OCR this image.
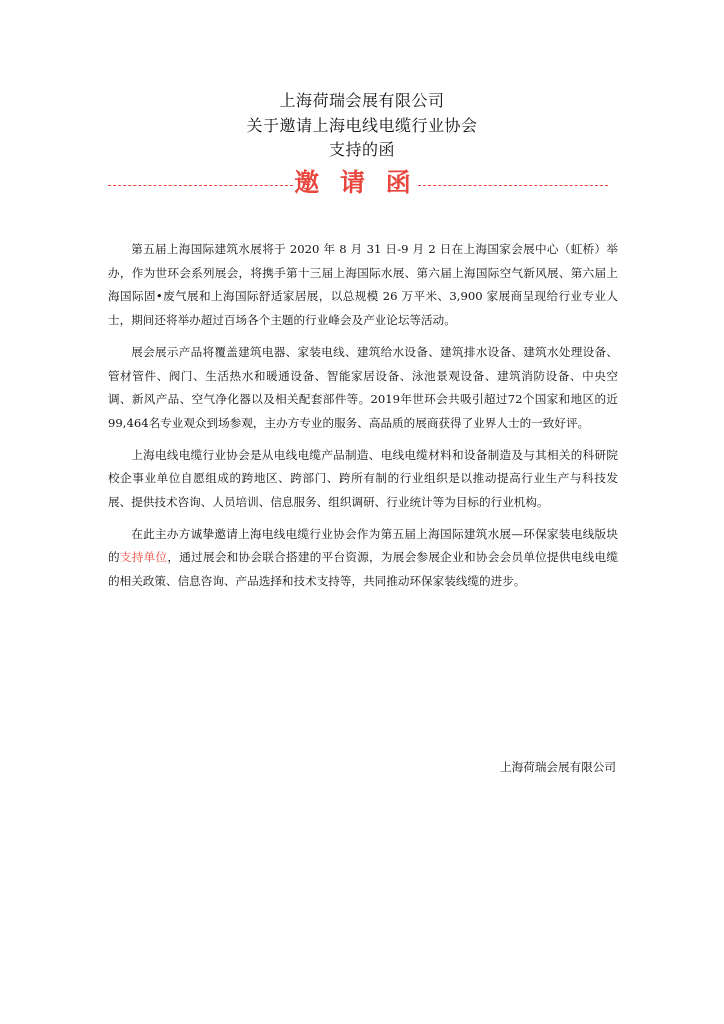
上海荷瑞会展有限公司
关于邀请上海电线电缆行业协会
支持的函
邀 请 函

第五届上海国际建筑水展将于 2020 年 8 月 31 日-9 月 2 日在上海国家会展中心（虹桥）举办，作为世环会系列展会，将携手第十三届上海国际水展、第六届上海国际空气新风展、第六届上海国际固•废气展和上海国际舒适家居展，以总规模 26 万平米、3,900 家展商呈现给行业专业人士，期间还将举办超过百场各个主题的行业峰会及产业论坛等活动。

展会展示产品将覆盖建筑电器、家装电线、建筑给水设备、建筑排水设备、建筑水处理设备、管材管件、阀门、生活热水和暖通设备、智能家居设备、泳池景观设备、建筑消防设备、中央空调、新风产品、空气净化器以及相关配套部件等。2019年世环会共吸引超过72个国家和地区的近99,464名专业观众到场参观，主办方专业的服务、高品质的展商获得了业界人士的一致好评。

上海电线电缆行业协会是从电线电缆产品制造、电线电缆材料和设备制造及与其相关的科研院校企事业单位自愿组成的跨地区、跨部门、跨所有制的行业组织是以推动提高行业生产与科技发展、提供技术咨询、人员培训、信息服务、组织调研、行业统计等为目标的行业机构。

在此主办方诚挚邀请上海电线电缆行业协会作为第五届上海国际建筑水展—环保家装电线版块的支持单位，通过展会和协会联合搭建的平台资源，为展会参展企业和协会会员单位提供电线电缆的相关政策、信息咨询、产品选择和技术支持等，共同推动环保家装线缆的进步。

上海荷瑞会展有限公司
